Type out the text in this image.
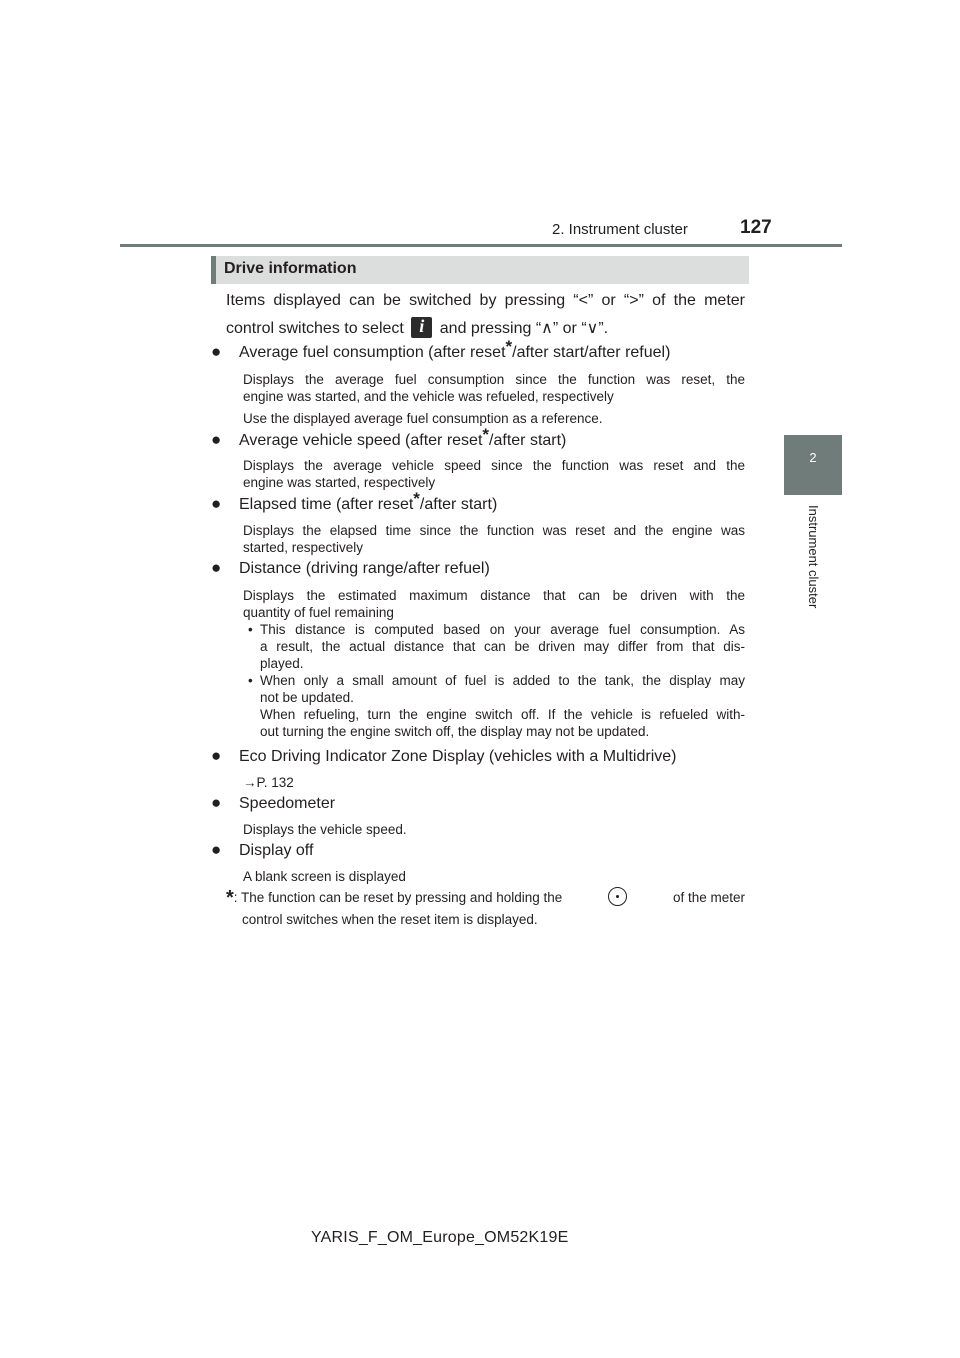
2. Instrument cluster	127
2
Instrument cluster
Drive information
Items displayed can be switched by pressing “<” or “>” of the meter
control switches to select i and pressing “∧” or “∨”.
● Average fuel consumption (after reset*/after start/after refuel)
Displays the average fuel consumption since the function was reset, the
engine was started, and the vehicle was refueled, respectively
Use the displayed average fuel consumption as a reference.
● Average vehicle speed (after reset*/after start)
Displays the average vehicle speed since the function was reset and the
engine was started, respectively
● Elapsed time (after reset*/after start)
Displays the elapsed time since the function was reset and the engine was
started, respectively
● Distance (driving range/after refuel)
Displays the estimated maximum distance that can be driven with the
quantity of fuel remaining
• This distance is computed based on your average fuel consumption. As
a result, the actual distance that can be driven may differ from that dis-
played.
• When only a small amount of fuel is added to the tank, the display may
not be updated.
When refueling, turn the engine switch off. If the vehicle is refueled with-
out turning the engine switch off, the display may not be updated.
● Eco Driving Indicator Zone Display (vehicles with a Multidrive)
→P. 132
● Speedometer
Displays the vehicle speed.
● Display off
A blank screen is displayed
*: The function can be reset by pressing and holding the	of the meter
control switches when the reset item is displayed.
YARIS_F_OM_Europe_OM52K19E
